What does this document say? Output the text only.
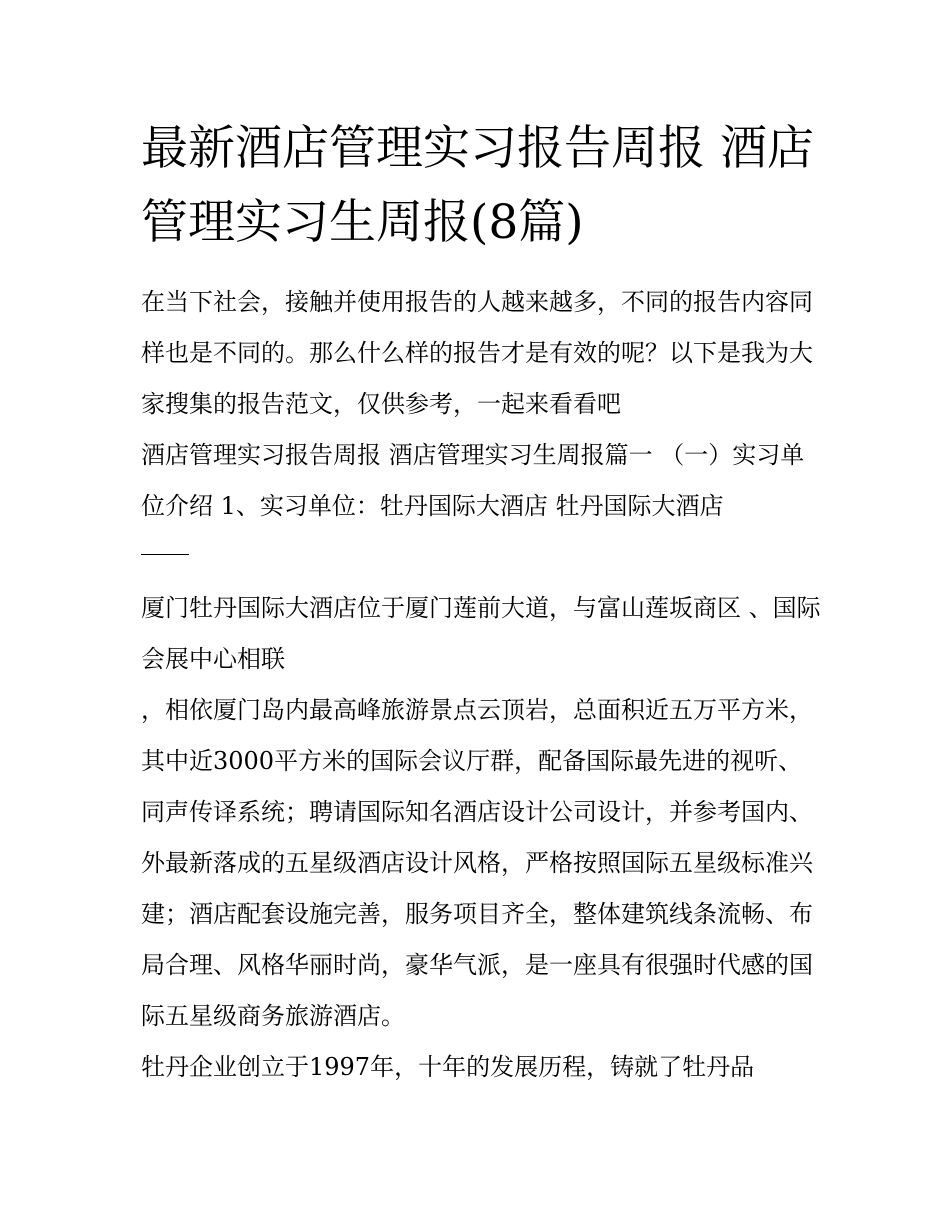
最新酒店管理实习报告周报 酒店管理实习生周报(8篇)

在当下社会，接触并使用报告的人越来越多，不同的报告内容同样也是不同的。那么什么样的报告才是有效的呢？以下是我为大家搜集的报告范文，仅供参考，一起来看看吧

酒店管理实习报告周报 酒店管理实习生周报篇一 （一）实习单位介绍 1、实习单位：牡丹国际大酒店 牡丹国际大酒店

厦门牡丹国际大酒店位于厦门莲前大道，与富山莲坂商区 、国际会展中心相联

，相依厦门岛内最高峰旅游景点云顶岩，总面积近五万平方米，其中近3000平方米的国际会议厅群，配备国际最先进的视听、同声传译系统；聘请国际知名酒店设计公司设计，并参考国内、外最新落成的五星级酒店设计风格，严格按照国际五星级标准兴建；酒店配套设施完善，服务项目齐全，整体建筑线条流畅、布局合理、风格华丽时尚，豪华气派，是一座具有很强时代感的国际五星级商务旅游酒店。

牡丹企业创立于1997年，十年的发展历程，铸就了牡丹品
